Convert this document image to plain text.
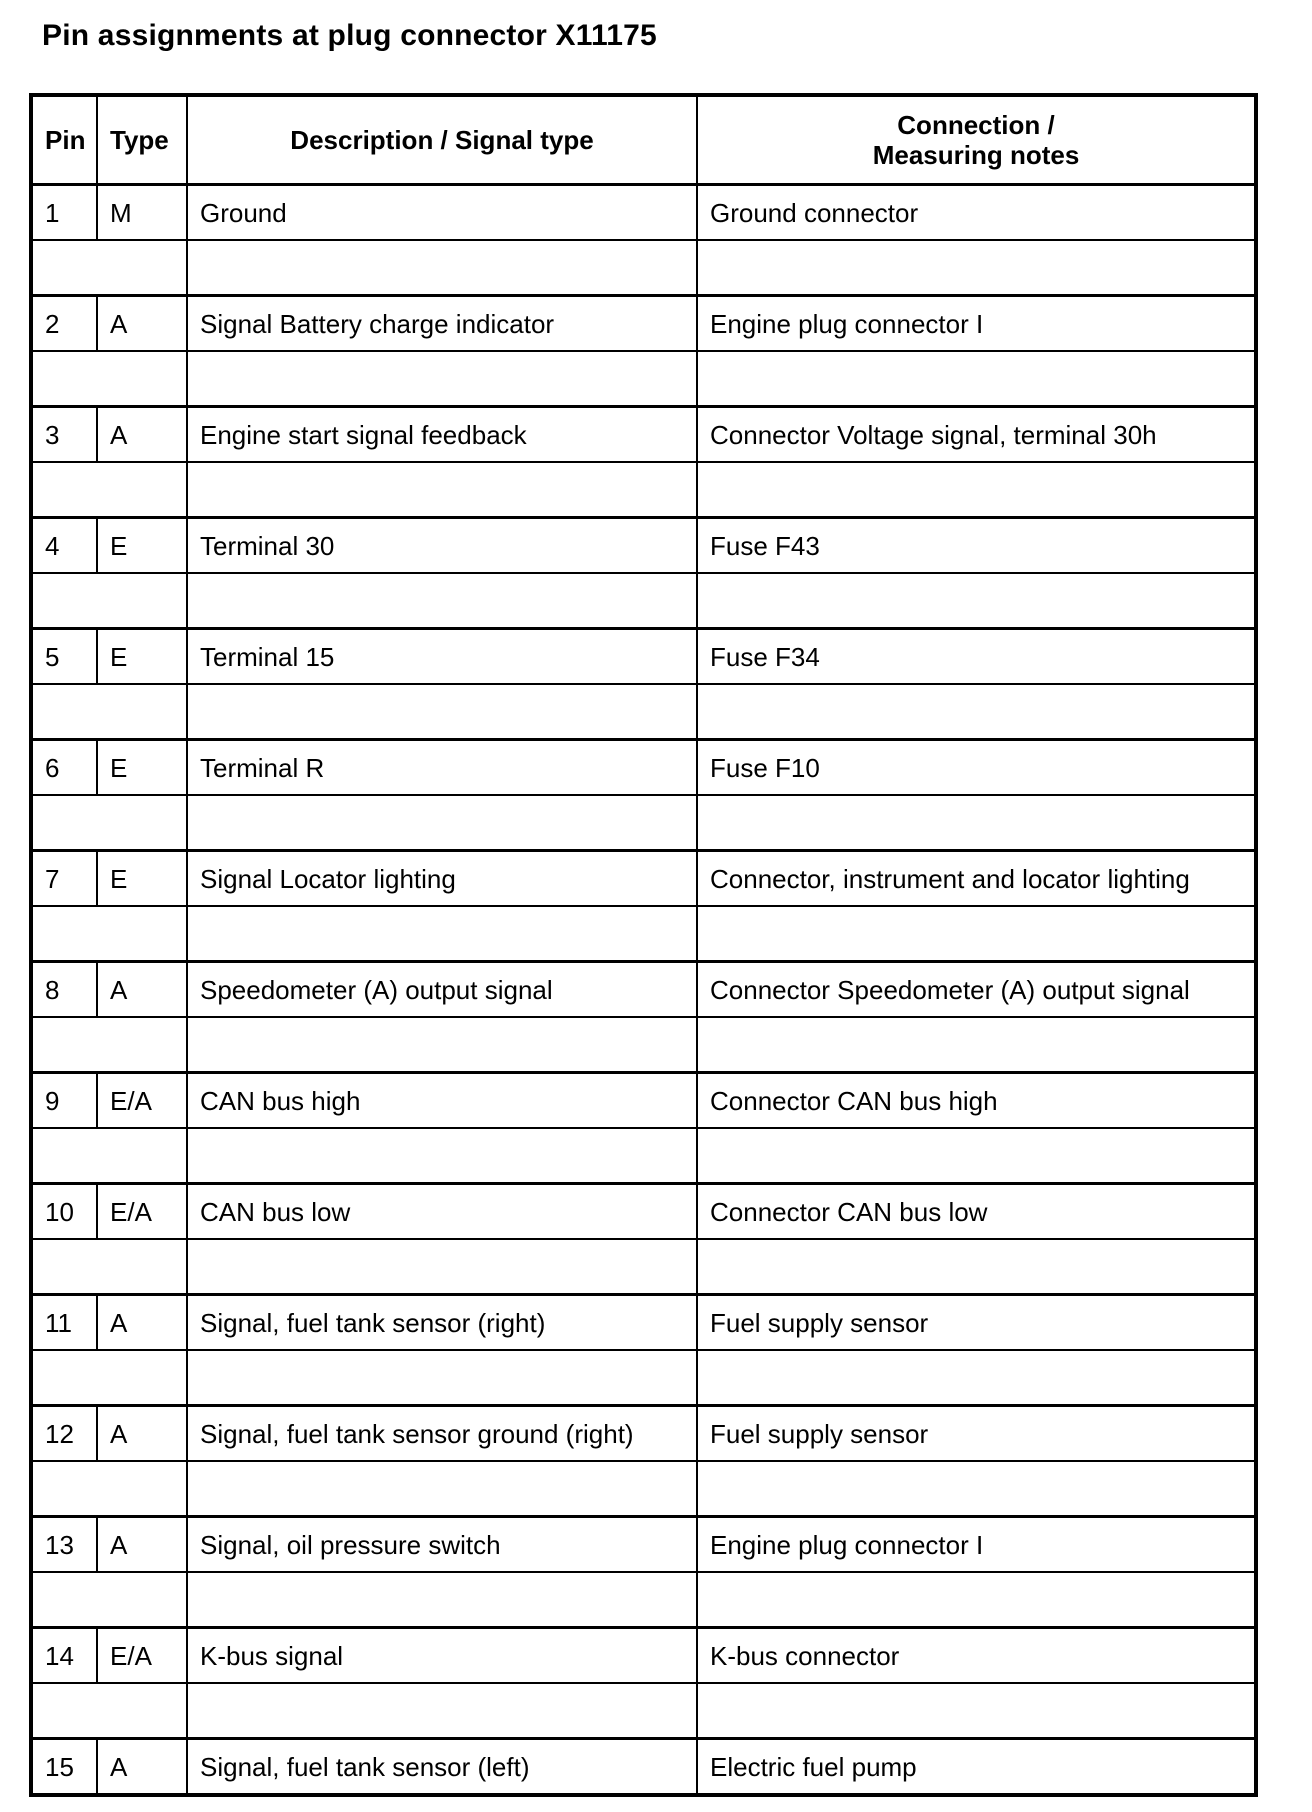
Pin assignments at plug connector X11175
Pin	Type	Description / Signal type	Connection /
Measuring notes
1	M	Ground	Ground connector

2	A	Signal Battery charge indicator	Engine plug connector I

3	A	Engine start signal feedback	Connector Voltage signal, terminal 30h

4	E	Terminal 30	Fuse F43

5	E	Terminal 15	Fuse F34

6	E	Terminal R	Fuse F10

7	E	Signal Locator lighting	Connector, instrument and locator lighting

8	A	Speedometer (A) output signal	Connector Speedometer (A) output signal

9	E/A	CAN bus high	Connector CAN bus high

10	E/A	CAN bus low	Connector CAN bus low

11	A	Signal, fuel tank sensor (right)	Fuel supply sensor

12	A	Signal, fuel tank sensor ground (right)	Fuel supply sensor

13	A	Signal, oil pressure switch	Engine plug connector I

14	E/A	K-bus signal	K-bus connector

15	A	Signal, fuel tank sensor (left)	Electric fuel pump
